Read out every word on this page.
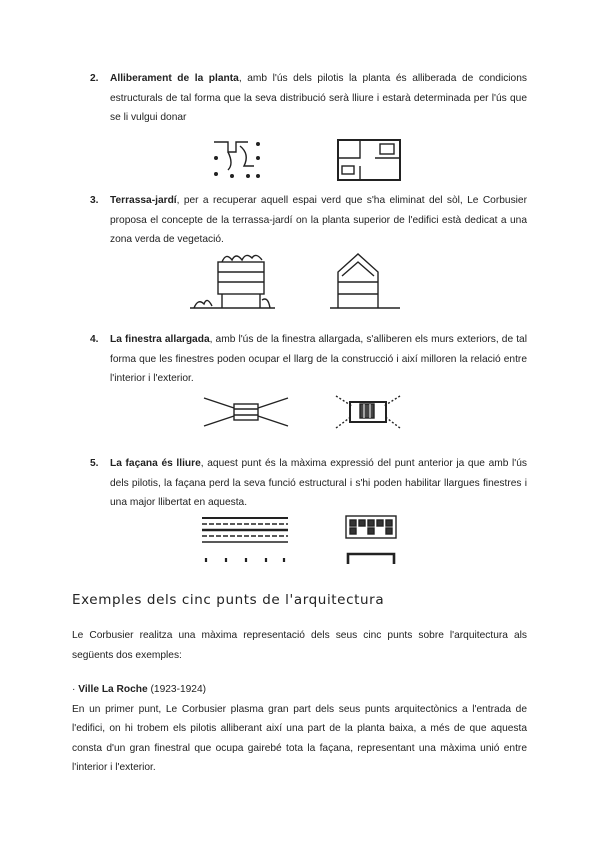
2. Alliberament de la planta, amb l'ús dels pilotis la planta és alliberada de condicions estructurals de tal forma que la seva distribució serà lliure i estarà determinada per l'ús que se li vulgui donar
3. Terrassa-jardí, per a recuperar aquell espai verd que s'ha eliminat del sòl, Le Corbusier proposa el concepte de la terrassa-jardí on la planta superior de l'edifici està dedicat a una zona verda de vegetació.
4. La finestra allargada, amb l'ús de la finestra allargada, s'alliberen els murs exteriors, de tal forma que les finestres poden ocupar el llarg de la construcció i així milloren la relació entre l'interior i l'exterior.
5. La façana és lliure, aquest punt és la màxima expressió del punt anterior ja que amb l'ús dels pilotis, la façana perd la seva funció estructural i s'hi poden habilitar llargues finestres i una major llibertat en aquesta.
Exemples dels cinc punts de l'arquitectura

Le Corbusier realitza una màxima representació dels seus cinc punts sobre l'arquitectura als següents dos exemples:

· Ville La Roche (1923-1924)
En un primer punt, Le Corbusier plasma gran part dels seus punts arquitectònics a l'entrada de l'edifici, on hi trobem els pilotis alliberant així una part de la planta baixa, a més de que aquesta consta d'un gran finestral que ocupa gairebé tota la façana, representant una màxima unió entre l'interior i l'exterior.
